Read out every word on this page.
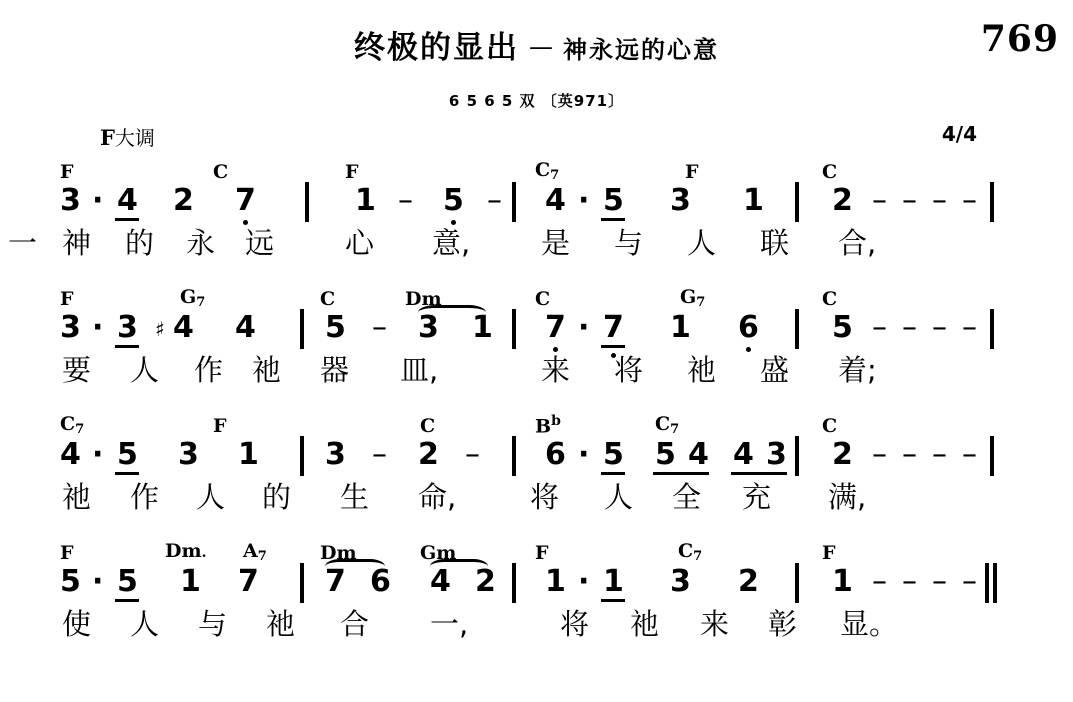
769
终极的显出 — 神永远的心意
6 5 6 5 双 〔英971〕
F大调	4/4
F	C	F	$C_7$	F	C
3 · 4 2 7	1 – 5 – 4 · 5 3 1 2 – – – –
一 神 的 永 远 心 意, 是 与 人 联 合,
F	$G_7$	C	Dm	C	$G_7$	C
3 · 3 4
♯ 4 5 – 3 1 7 · 7 1 6 5 – – – –
要 人 作 祂 器 皿,	来 将 祂 盛 着;
$C_7$	F	C	$B^b$	$C_7$	C
4 · 5 3 1 3 – 2 – 6 · 5 5 4 4 3 2 – – – –
祂 作 人 的 生 命,	将 人 全 充 满,
F	Dm. $A_7$	Dm	Gm	F	$C_7$	F
5 · 5 1 7 7 6 4 2 1 · 1 3 2 1 – – – –
使 人 与 祂 合 一,	将 祂 来 彰 显。
